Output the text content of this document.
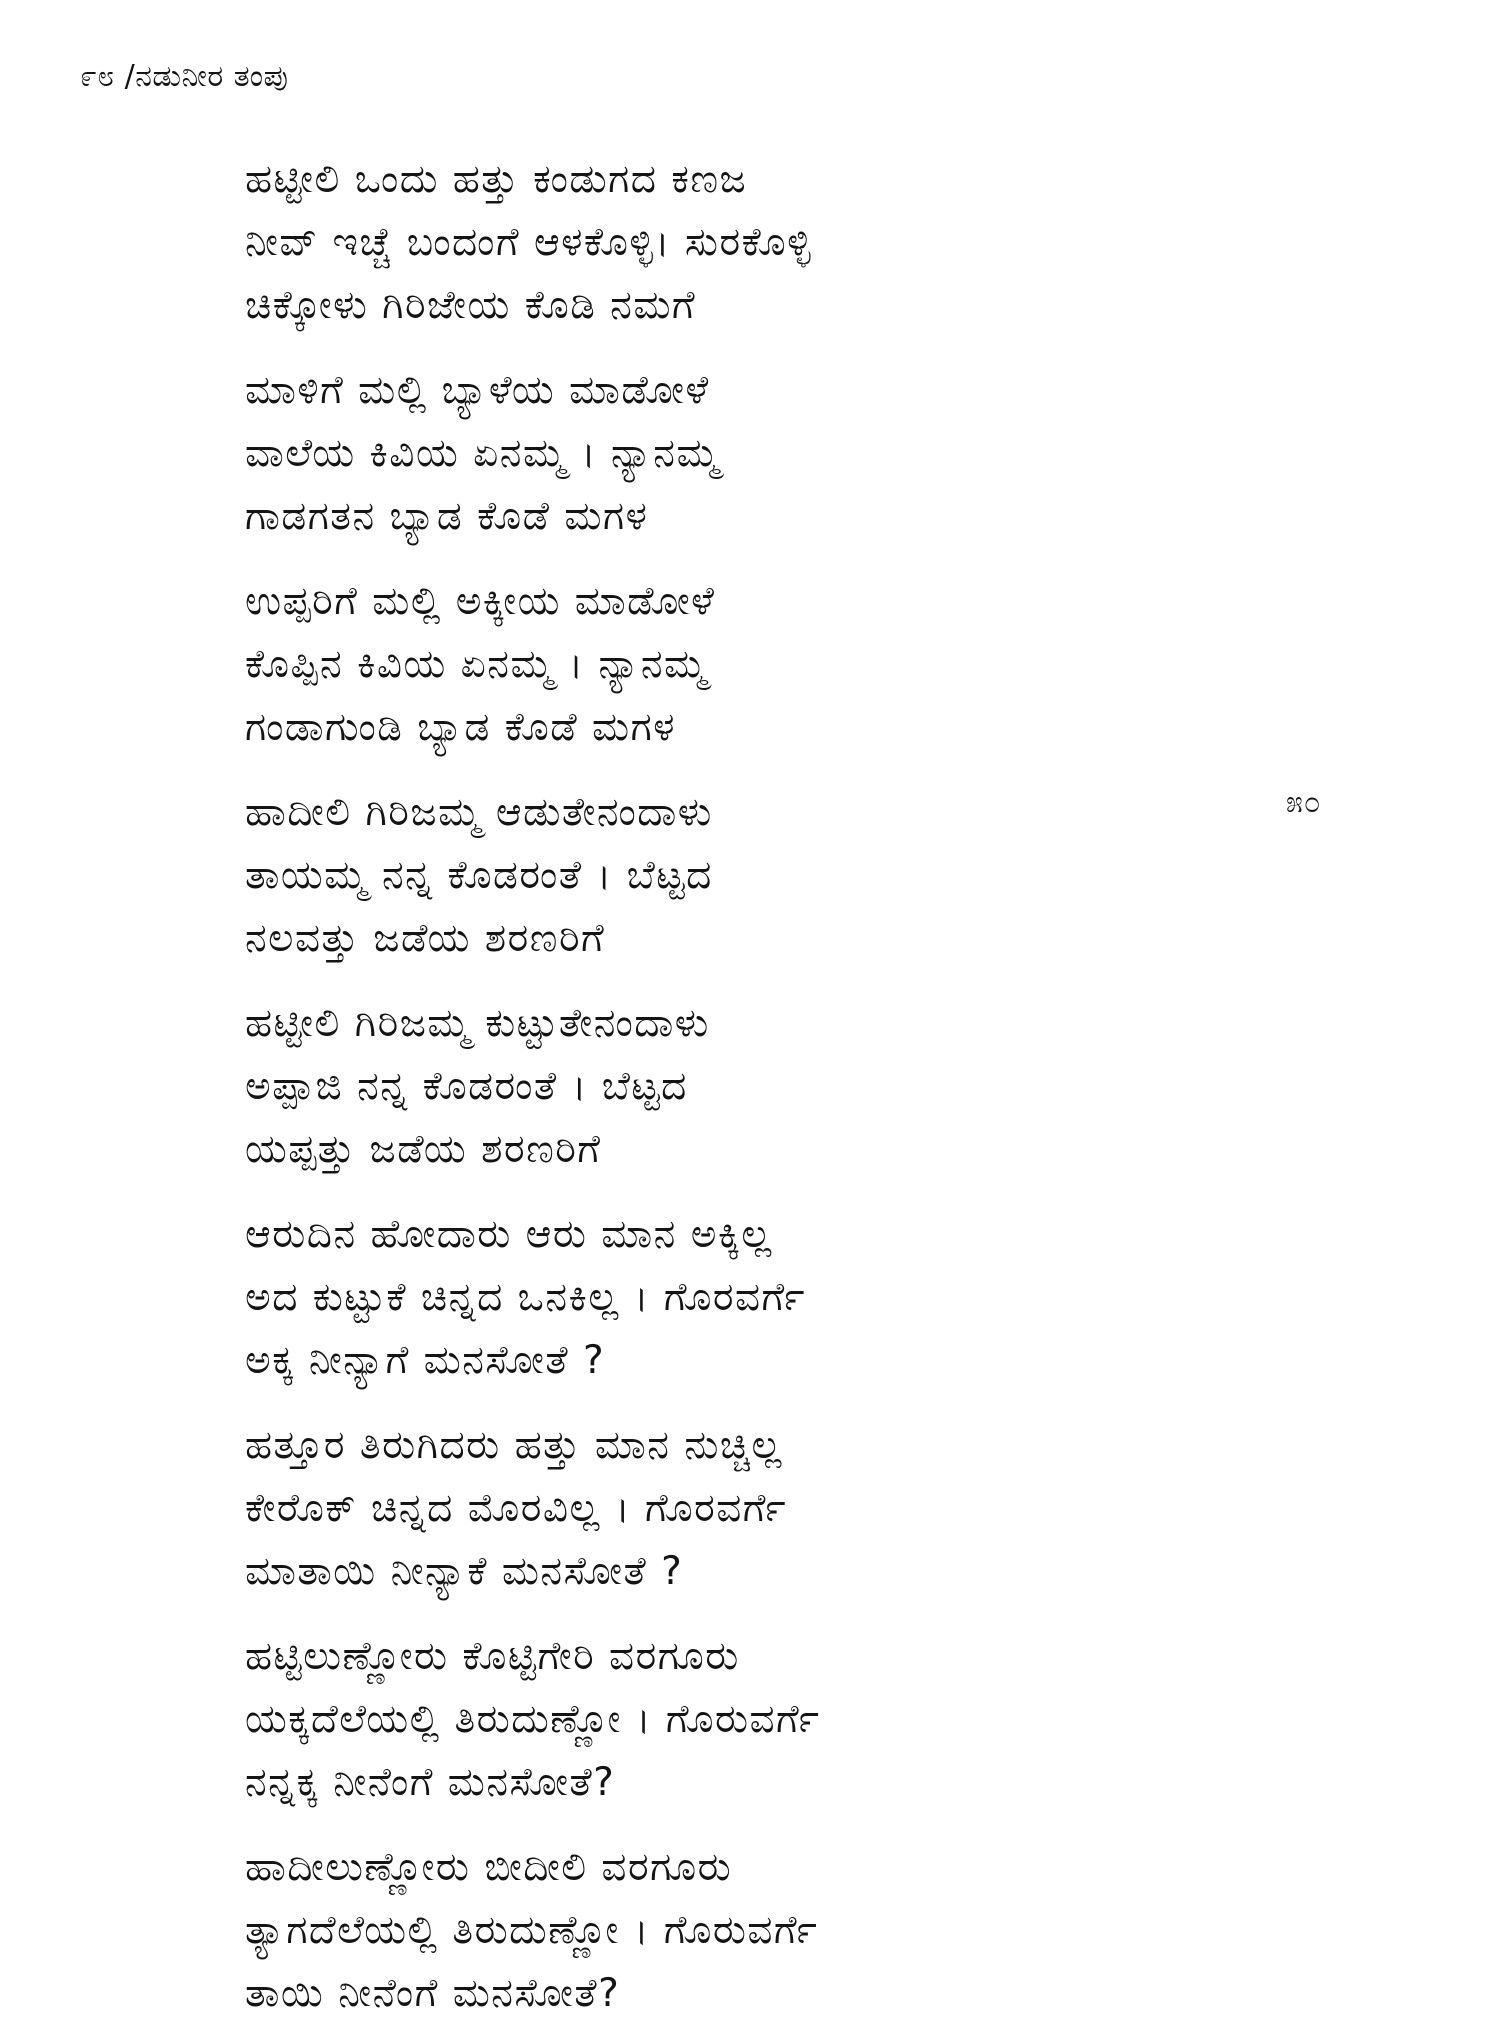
೯೮ /ನಡುನೀರ ತಂಪು
೫೦
ಹಟ್ಟೀಲಿ ಒಂದು ಹತ್ತು ಕಂಡುಗದ ಕಣಜ
ನೀವ್ ಇಚ್ಚೆ ಬಂದಂಗೆ ಆಳಕೊಳ್ಳಿ। ಸುರಕೊಳ್ಳಿ
ಚಿಕ್ಕೋಳು ಗಿರಿಜೇಯ ಕೊಡಿ ನಮಗೆ
ಮಾಳಿಗೆ ಮಲ್ಲಿ ಬ್ಯಾಳೆಯ ಮಾಡೋಳೆ
ವಾಲೆಯ ಕಿವಿಯ ಏನಮ್ಮ । ನ್ಯಾನಮ್ಮ
ಗಾಡಗತನ ಬ್ಯಾಡ ಕೊಡೆ ಮಗಳ
ಉಪ್ಪರಿಗೆ ಮಲ್ಲಿ ಅಕ್ಕೀಯ ಮಾಡೋಳೆ
ಕೊಪ್ಪಿನ ಕಿವಿಯ ಏನಮ್ಮ । ನ್ಯಾನಮ್ಮ
ಗಂಡಾಗುಂಡಿ ಬ್ಯಾಡ ಕೊಡೆ ಮಗಳ
ಹಾದೀಲಿ ಗಿರಿಜಮ್ಮ ಆಡುತೇನಂದಾಳು
ತಾಯಮ್ಮ ನನ್ನ ಕೊಡರಂತೆ । ಬೆಟ್ಟದ
ನಲವತ್ತು ಜಡೆಯ ಶರಣರಿಗೆ
ಹಟ್ಟೀಲಿ ಗಿರಿಜಮ್ಮ ಕುಟ್ಟುತೇನಂದಾಳು
ಅಪ್ಪಾಜಿ ನನ್ನ ಕೊಡರಂತೆ । ಬೆಟ್ಟದ
ಯಪ್ಪತ್ತು ಜಡೆಯ ಶರಣರಿಗೆ
ಆರುದಿನ ಹೋದಾರು ಆರು ಮಾನ ಅಕ್ಕಿಲ್ಲ
ಅದ ಕುಟ್ಟುಕೆ ಚಿನ್ನದ ಒನಕಿಲ್ಲ । ಗೊರವರ್ಗೆ
ಅಕ್ಕ ನೀನ್ಯಾಗೆ ಮನಸೋತೆ ?
ಹತ್ತೂರ ತಿರುಗಿದರು ಹತ್ತು ಮಾನ ನುಚ್ಚಿಲ್ಲ
ಕೇರೊಕ್ ಚಿನ್ನದ ಮೊರವಿಲ್ಲ । ಗೊರವರ್ಗೆ
ಮಾತಾಯಿ ನೀನ್ಯಾಕೆ ಮನಸೋತೆ ?
ಹಟ್ಟಿಲುಣ್ಣೋರು ಕೊಟ್ಟಿಗೇರಿ ವರಗೂರು
ಯಕ್ಕದೆಲೆಯಲ್ಲಿ ತಿರುದುಣ್ಣೋ । ಗೊರುವರ್ಗೆ
ನನ್ನಕ್ಕ ನೀನೆಂಗೆ ಮನಸೋತೆ?
ಹಾದೀಲುಣ್ಣೋರು ಬೀದೀಲಿ ವರಗೂರು
ತ್ಯಾಗದೆಲೆಯಲ್ಲಿ ತಿರುದುಣ್ಣೋ । ಗೊರುವರ್ಗೆ
ತಾಯಿ ನೀನೆಂಗೆ ಮನಸೋತೆ?
